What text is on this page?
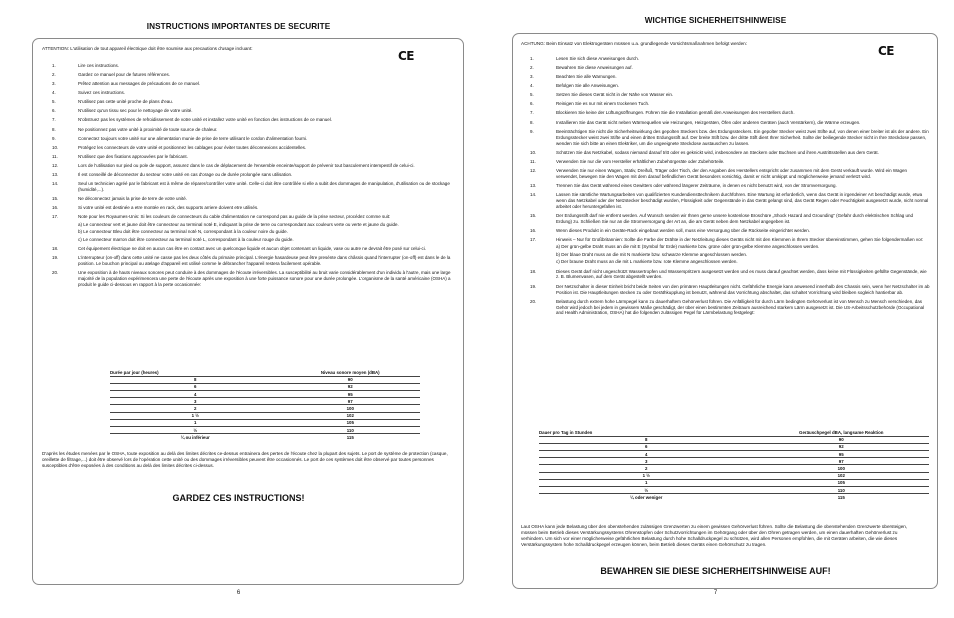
INSTRUCTIONS IMPORTANTES DE SECURITE
ATTENTION: L'utilisation de tout appareil électrique doit être soumise aux precautions d'usage incluant:
CE
1.	Lire ces instructions.

2.	Gardez ce manuel pour de futures références.

3.	Prêtez attention aux messages de précautions de ce manuel.

4.	Suivez ces instructions.

5.	N'utilisez pas cette unité proche de plans d'eau.

6.	N'utilisez qu'un tissu sec pour le nettoyage de votre unité.

7.	N'obstruez pas les systèmes de refroidissement de votre unité et installez votre unité en fonction des instructions de ce manuel.

8.	Ne positionnez pas votre unité à proximité de toute source de chaleur.

9.	Connectez toujours votre unité sur une alimentation munie de prise de terre utilisant le cordon d'alimentation fourni.

10.	Protégez les connecteurs de votre unité et positionnez les cablages pour éviter toutes déconnexions accidentelles.

11.	N'utilisez que des fixations approuvées par le fabricant.

12.	Lors de l'utilisation sur pied ou pole de support, assurez dans le cas de déplacement de l'ensemble enceinte/support de prévenir tout basculement intempestif de celui-ci.

13.	Il est conseillé de déconnecter du secteur votre unité en cas d'orage ou de durée prolongée sans utilisation.

14.	Seul un technicien agréé par le fabricant est à même de réparer/contrôler votre unité. Celle-ci doit être contrôlée si elle a subit des dommages de manipulation, d'utilisation ou de stockage (humidité,...).

15.	Ne déconnectez jamais la prise de terre de votre unité.

16.	Si votre unité est destinée a etre montée en rack, des supports arriere doivent etre utilisés.

17.	Note pour les Royaumes-Unis: Si les couleurs de connecteurs du cable d'alimentation ne correspond pas au guide de la prise secteur, procédez comme suit:

a) Le connecteur vert et jaune doit être connecteur au terminal noté E, indiquant la prise de terre ou correspondant aux couleurs verte ou verte et jaune du guide.

b) Le connecteur Bleu doit être connecteur au terminal noté N, correspondant à la couleur noire du guide.

c) Le connecteur marron doit être connecteur au terminal noté L, correspondant à la couleur rouge du guide.

18.	Cet équipement électrique ne doit en aucun cas être en contact avec un quelconque liquide et aucun objet contenant un liquide, vase ou autre ne devrait être posé sur celui-ci.

19.	L'interrupteur (on-off) dans cette unité ne casse pas les deux côtés du primaire principal. L'énergie hasardeuse peut être presénte dans châssis quand l'interrupter (on-off) est dans le de la position. Le bouchon principal ou atelage d'appareil est utilisé comme le débrancher l'appareil restera facilement opérable.

20.	Une exposition à de hauts niveaux sonores peut conduire à des dommages de l'écoute irréversibles. La susceptibilité au bruit varie considérablement d'un individu à l'autre, mais une large majorité de la population expérimencera une perte de l'écoute après une exposition à une forte puissance sonore pour une durée prolongée. L'organisme de la santé américaine (OSHA) a produit le guide ci-dessous en rapport à la perte occasionnée:

Durée par jour (heures)	Niveau sonore moyen (dBA)
8	90
6	92
4	95
3	97
2	100
1 ½	102
1	105
½	110
¼ ou inférieur	115
D'après les études menées par le OSHA, toute exposition au delà des limites décrites ce-dessus entrainera des pertes de l'écoute chez la plupart des sujets. Le port de système de protection (casque, oreillette de filtrage,...) doit être observé lors de l'opération cette unité ou des dommages irréversibles peuvent être occasionnés. Le port de ces systèmes doit être observé par toutes personnes susceptibles d'être exposées à des conditions au delà des limites décrites ci-dessus.
GARDEZ CES INSTRUCTIONS!
6
WICHTIGE SICHERHEITSHINWEISE
ACHTUNG: Beim Einsatz von Elektrogeräten müssen u.a. grundlegende Vorsichtsmaßnahmen befolgt werden:
CE
1.	Lesen Sie sich diese Anweisungen durch.

2.	Bewahren Sie diese Anweisungen auf.

3.	Beachten Sie alle Warnungen.

4.	Befolgen Sie alle Anweisungen.

5.	Setzen Sie dieses Gerät nicht in der Nähe von Wasser ein.

6.	Reinigen Sie es nur mit einem trockenen Tuch.

7.	Blockieren Sie keine der Lüftungsöffnungen. Führen Sie die Installation gemäß den Anweisungen des Herstellers durch.

8.	Installieren Sie das Gerät nicht neben Wärmequellen wie Heizungen, Heizgeräten, Öfen oder anderen Geräten (auch Verstärkern), die Wärme erzeugen.

9.	Beeinträchtigen Sie nicht die Sicherheitswirkung des gepolten Steckers bzw. des Erdungssteckers. Ein gepolter Stecker weist zwei Stifte auf, von denen einer breiter ist als der andere. Ein Erdungsstecker weist zwei Stifte und einen dritten Erdungsstift auf. Der breite Stift bzw. der dritte Stift dient Ihrer Sicherheit. Sollte der beiliegende Stecker nicht in Ihre Steckdose passen, wenden Sie sich bitte an einen Elektriker, um die ungeeignete Steckdose austauschen zu lassen.

10.	Schützen Sie das Netzkabel, sodass niemand darauf tritt oder es geknickt wird, insbesondere an Steckern oder Buchsen und ihren Austrittsstellen aus dem Gerät.

11.	Verwenden Sie nur die vom Hersteller erhältlichen Zubehörgeräte oder Zubehörteile.

12.	Verwenden Sie nur einen Wagen, Stativ, Dreifuß, Träger oder Tisch, der den Angaben des Herstellers entspricht oder zusammen mit dem Gerät verkauft wurde. Wird ein Wagen verwendet, bewegen Sie den Wagen mit dem darauf befindlichen Gerät besonders vorsichtig, damit er nicht umkippt und möglicherweise jemand verletzt wird.

13.	Trennen Sie das Gerät während eines Gewitters oder während längerer Zeiträume, in denen es nicht benutzt wird, von der Stromversorgung.

14.	Lassen Sie sämtliche Wartungsarbeiten von qualifizierten Kundendiensttechnikern durchführen. Eine Wartung ist erforderlich, wenn das Gerät in irgendeiner Art beschädigt wurde, etwa wenn das Netzkabel oder der Netzstecker beschädigt wurden, Flüssigkeit oder Gegenstände in das Gerät gelangt sind, das Gerät Regen oder Feuchtigkeit ausgesetzt wurde, nicht normal arbeitet oder heruntergefallen ist.

15.	Der Erdungsstift darf nie entfernt werden. Auf Wunsch senden wir Ihnen gerne unsere kostenlose Broschüre „Shock Hazard and Grounding" (Gefahr durch elektrischen Schlag und Erdung) zu. Schließen Sie nur an die Stromversorgung der Art an, die am Gerät neben dem Netzkabel angegeben ist.

16.	Wenn dieses Produkt in ein Geräte-Rack eingebaut werden soll, muss eine Versorgung über die Rückseite eingerichtet werden.

17.	Hinweis – Nur für Großbritannien: Sollte die Farbe der Drähte in der Netzleitung dieses Geräts nicht mit den Klemmen in Ihrem Stecker übereinstimmen, gehen Sie folgendermaßen vor:

a) Der grün-gelbe Draht muss an die mit E (Symbol für Erde) markierte bzw. grüne oder grün-gelbe Klemme angeschlossen werden.

b) Der blaue Draht muss an die mit N markierte bzw. schwarze Klemme angeschlossen werden.

c) Der braune Draht muss an die mit L markierte bzw. rote Klemme angeschlossen werden.

18.	Dieses Gerät darf nicht ungeschützt Wassertropfen und Wasserspritzern ausgesetzt werden und es muss darauf geachtet werden, dass keine mit Flüssigkeiten gefüllte Gegenstände, wie z. B. Blumenvasen, auf dem Gerät abgestellt werden.

19.	Der Netzschalter in dieser Einheit bricht beide Seiten von den primären Hauptleitungen nicht. Gefährliche Energie kann anwesend innerhalb des Chassis sein, wenn her Netzschalter im ab Position ist. Die Hauptleitungen stecken zu oder Geräthkupplung ist benutzt, während das Vorrichtung abschaltet, das schaltet Vorrichtung wird bleiben sogleich hantierbar ab.

20.	Belastung durch extrem hohe Lärmpegel kann zu dauerhaftem Gehörverlust führen. Die Anfälligkeit für durch Lärm bedingten Gehörverlust ist von Mensch zu Mensch verschieden, das Gehör wird jedoch bei jedem in gewissem Maße geschädigt, der über einen bestimmten Zeitraum ausreichend starkem Lärm ausgesetzt ist. Die US-Arbeitsschutzbehörde (Occupational and Health Administration, OSHA) hat die folgenden zulässigen Pegel für Lärmbelastung festgelegt:

Dauer pro Tag in Stunden	Geräuschpegel dBA, langsame Reaktion
8	90
6	92
4	95
3	97
2	100
1 ½	102
1	105
½	110
¼ oder weniger	115
Laut OSHA kann jede Belastung über den obenstehenden zulässigen Grenzwerten zu einem gewissen Gehörverlust führen. Sollte die Belastung die obenstehenden Grenzwerte übersteigen, müssen beim Betrieb dieses Verstärkungssystems Ohrenstopfen oder Schutzvorrichtungen im Gehörgang oder über den Ohren getragen werden, um einen dauerhaften Gehörverlust zu verhindern. Um sich vor einer möglicherweise gefährlichen Belastung durch hohe Schalldruckpegel zu schützen, wird allen Personen empfohlen, die mit Geräten arbeiten, die wie dieses Verstärkungssystem hohe Schalldruckpegel erzeugen können, beim Betrieb dieses Geräts einen Gehörschutz zu tragen.
BEWAHREN SIE DIESE SICHERHEITSHINWEISE AUF!
7
